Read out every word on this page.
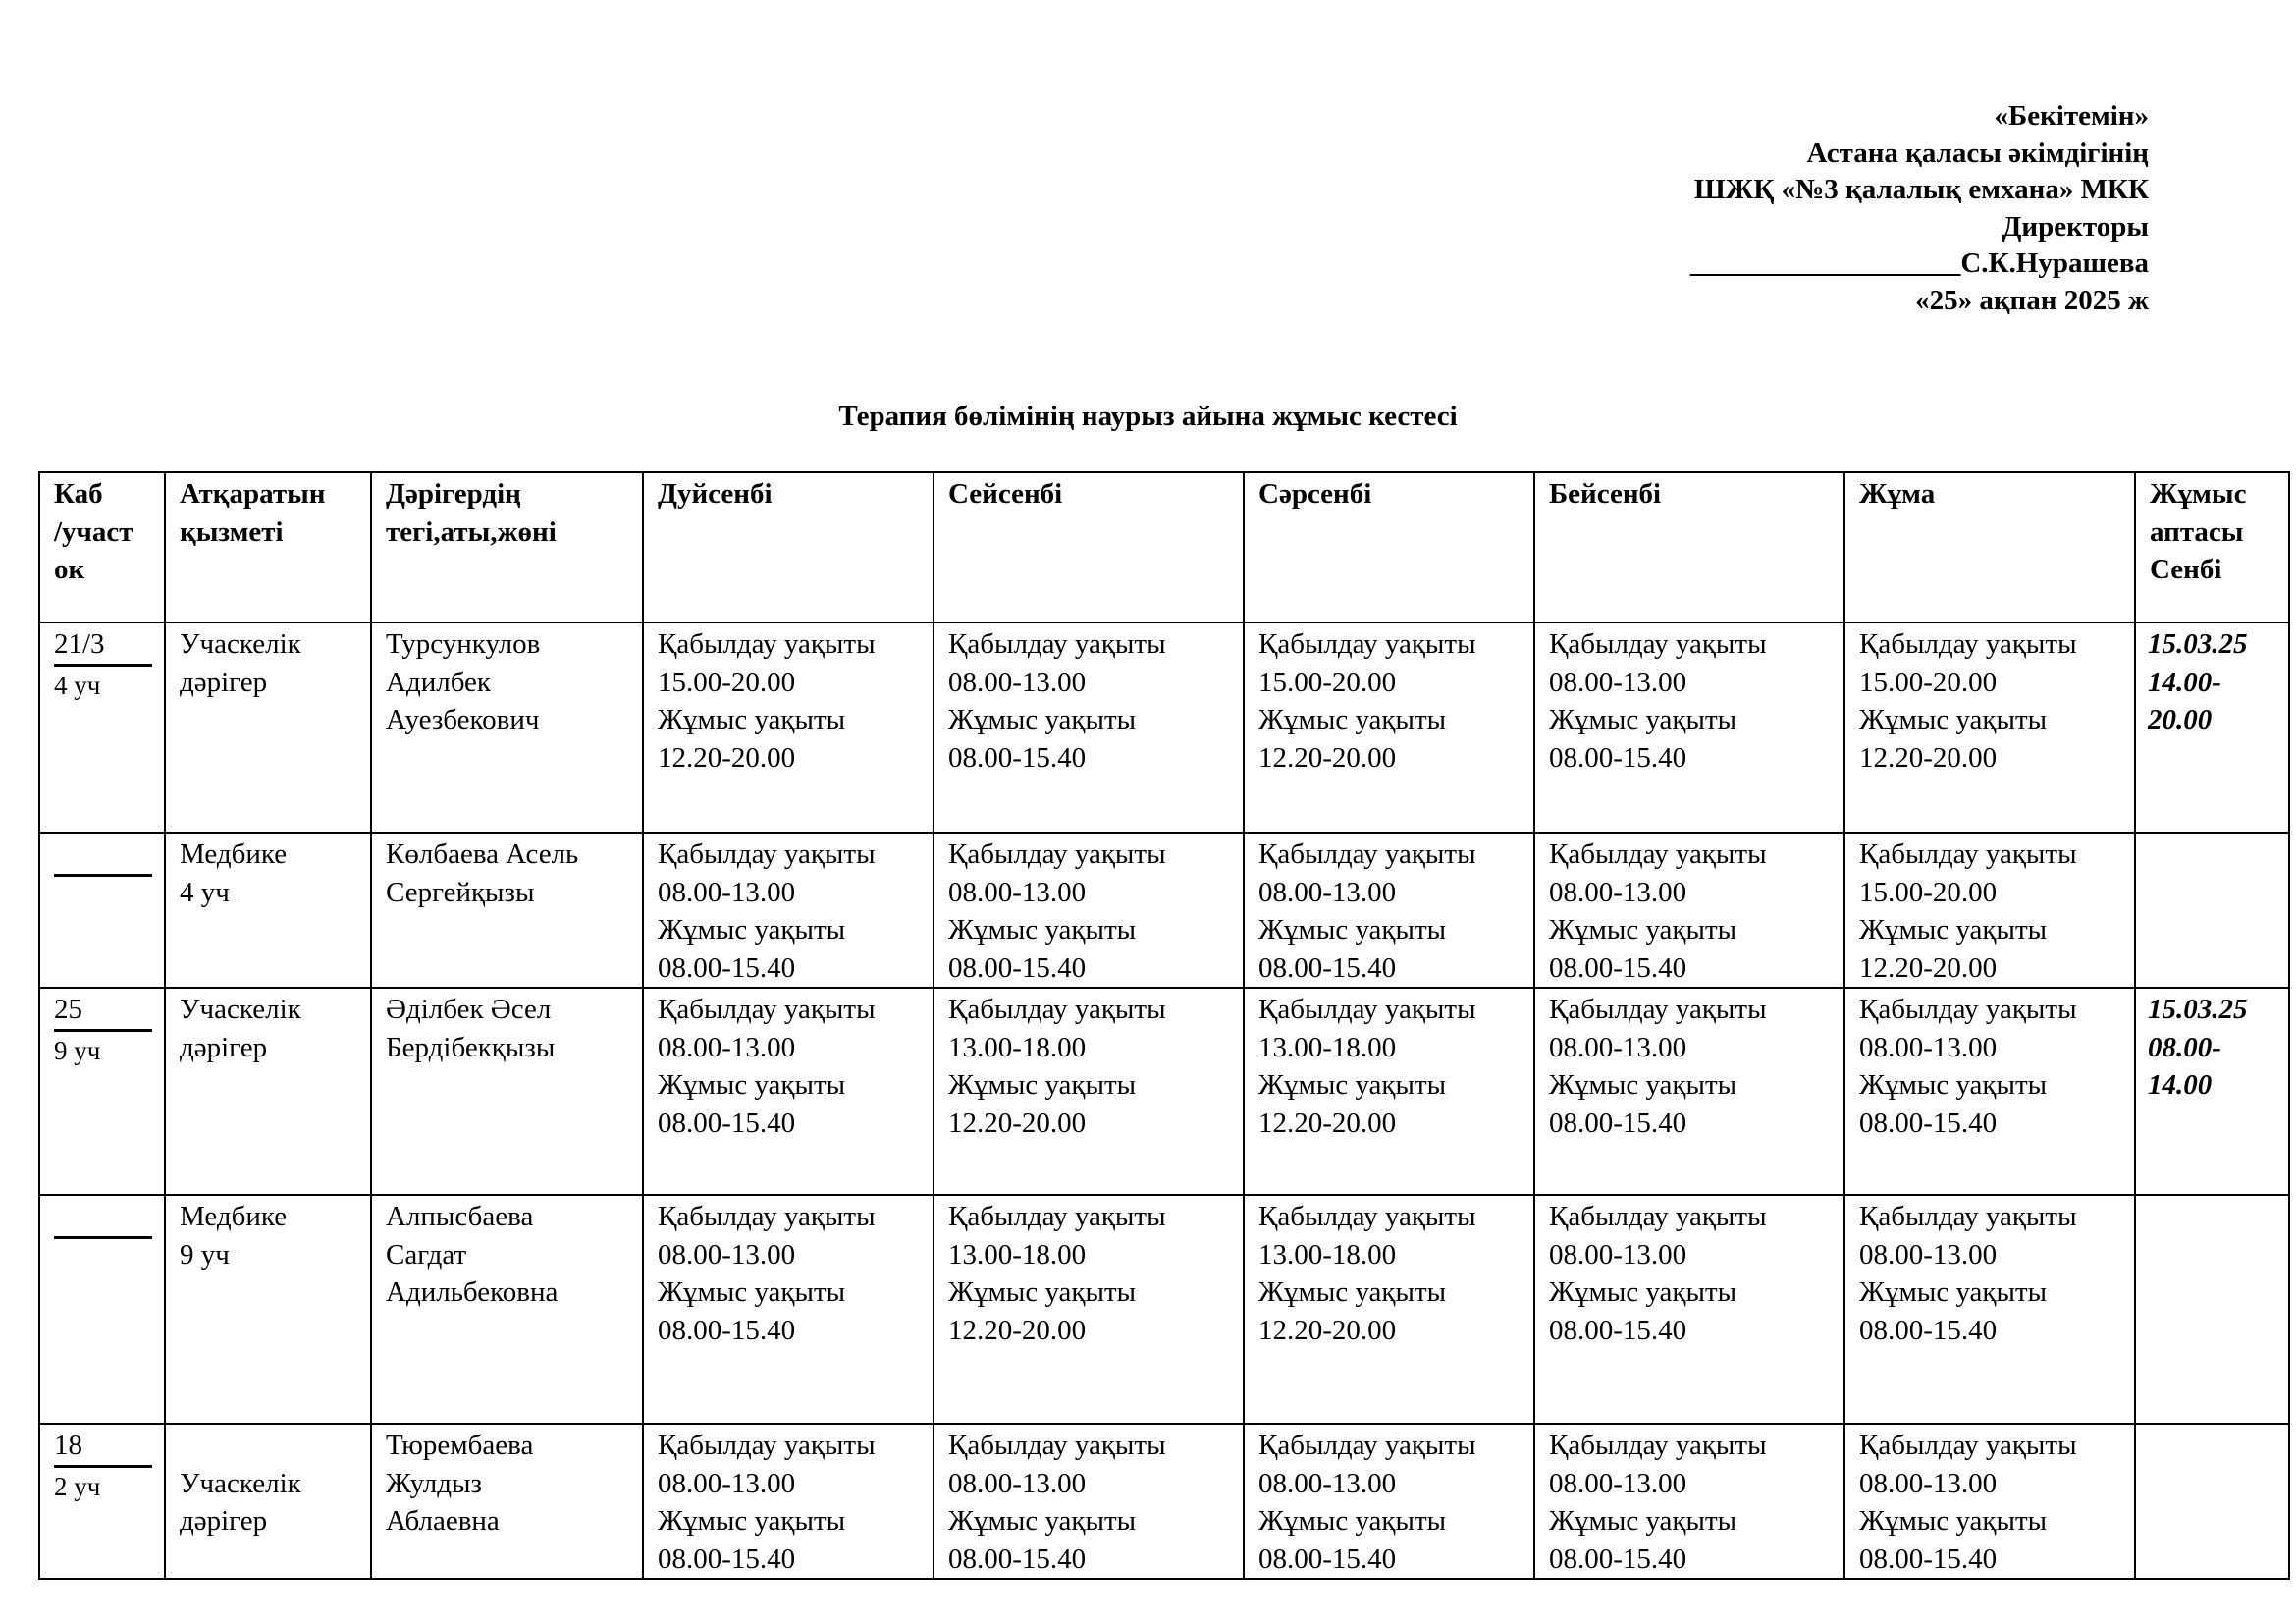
«Бекітемін»
Астана қаласы әкімдігінің
ШЖҚ «№3 қалалық емхана» МКК
Директоры
___________________С.К.Нурашева
«25» ақпан 2025 ж
Терапия бөлімінің наурыз айына жұмыс кестесі
Каб
/участ
ок	Атқаратын
қызметі	Дәрігердің
тегі,аты,жөні	Дуйсенбі	Сейсенбі	Сәрсенбі	Бейсенбі	Жұма	Жұмыс
аптасы
Сенбі

21/3
4 уч	Учаскелік
дәрігер	Турсункулов
Адилбек
Ауезбекович	Қабылдау уақыты
15.00-20.00
Жұмыс уақыты
12.20-20.00	Қабылдау уақыты
08.00-13.00
Жұмыс уақыты
08.00-15.40	Қабылдау уақыты
15.00-20.00
Жұмыс уақыты
12.20-20.00	Қабылдау уақыты
08.00-13.00
Жұмыс уақыты
08.00-15.40	Қабылдау уақыты
15.00-20.00
Жұмыс уақыты
12.20-20.00	15.03.25
14.00-
20.00

	Медбике
4 уч	Көлбаева Асель
Сергейқызы	Қабылдау уақыты
08.00-13.00
Жұмыс уақыты
08.00-15.40	Қабылдау уақыты
08.00-13.00
Жұмыс уақыты
08.00-15.40	Қабылдау уақыты
08.00-13.00
Жұмыс уақыты
08.00-15.40	Қабылдау уақыты
08.00-13.00
Жұмыс уақыты
08.00-15.40	Қабылдау уақыты
15.00-20.00
Жұмыс уақыты
12.20-20.00	

25
9 уч	Учаскелік
дәрігер	Әділбек Әсел
Бердібекқызы	Қабылдау уақыты
08.00-13.00
Жұмыс уақыты
08.00-15.40	Қабылдау уақыты
13.00-18.00
Жұмыс уақыты
12.20-20.00	Қабылдау уақыты
13.00-18.00
Жұмыс уақыты
12.20-20.00	Қабылдау уақыты
08.00-13.00
Жұмыс уақыты
08.00-15.40	Қабылдау уақыты
08.00-13.00
Жұмыс уақыты
08.00-15.40	15.03.25
08.00-
14.00

	Медбике
9 уч	Алпысбаева
Сагдат
Адильбековна	Қабылдау уақыты
08.00-13.00
Жұмыс уақыты
08.00-15.40	Қабылдау уақыты
13.00-18.00
Жұмыс уақыты
12.20-20.00	Қабылдау уақыты
13.00-18.00
Жұмыс уақыты
12.20-20.00	Қабылдау уақыты
08.00-13.00
Жұмыс уақыты
08.00-15.40	Қабылдау уақыты
08.00-13.00
Жұмыс уақыты
08.00-15.40	

18
2 уч	Учаскелік
дәрігер	Тюрембаева
Жулдыз
Аблаевна	Қабылдау уақыты
08.00-13.00
Жұмыс уақыты
08.00-15.40	Қабылдау уақыты
08.00-13.00
Жұмыс уақыты
08.00-15.40	Қабылдау уақыты
08.00-13.00
Жұмыс уақыты
08.00-15.40	Қабылдау уақыты
08.00-13.00
Жұмыс уақыты
08.00-15.40	Қабылдау уақыты
08.00-13.00
Жұмыс уақыты
08.00-15.40	
